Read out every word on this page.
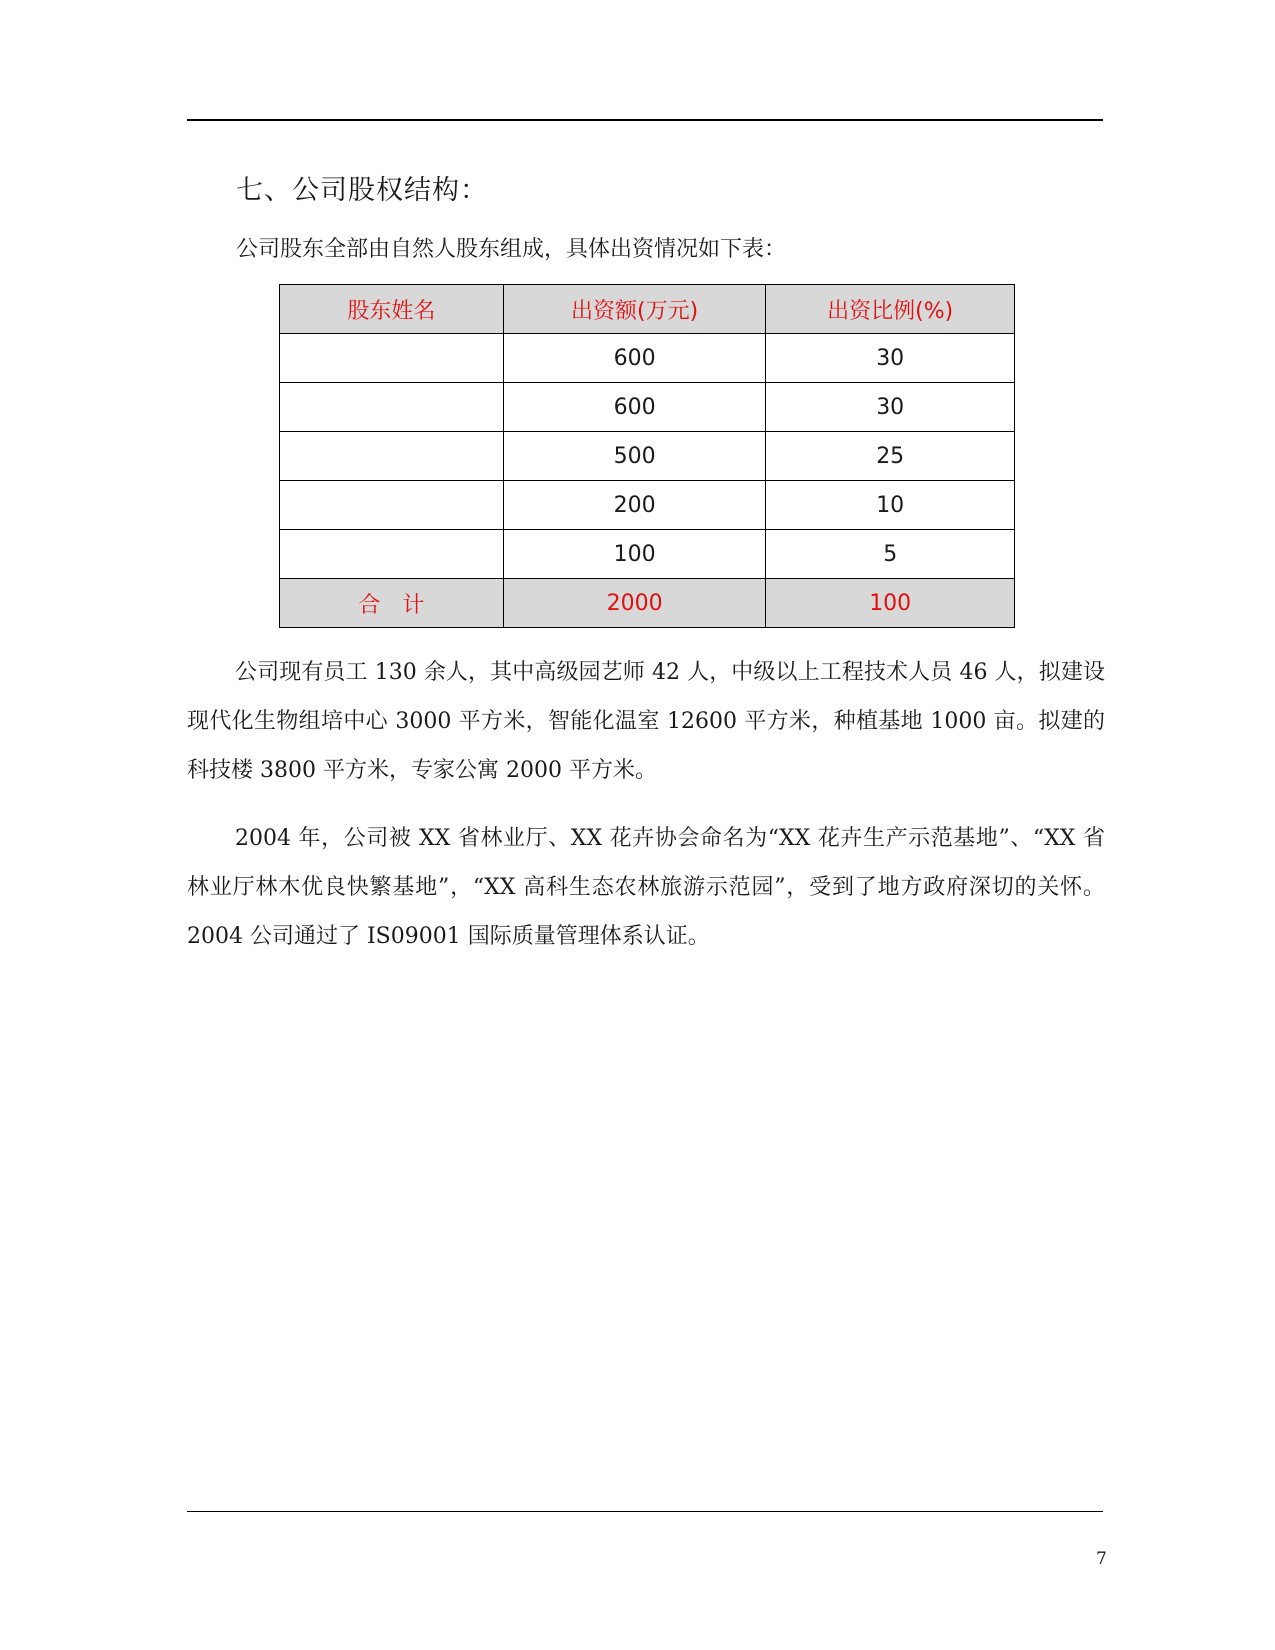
七、公司股权结构：

公司股东全部由自然人股东组成，具体出资情况如下表：

股东姓名	出资额(万元)	出资比例(%)
	600	30
	600	30
	500	25
	200	10
	100	5
合　计	2000	100

公司现有员工 130 余人，其中高级园艺师 42 人，中级以上工程技术人员 46 人，拟建设现代化生物组培中心 3000 平方米，智能化温室 12600 平方米，种植基地 1000 亩。拟建的科技楼 3800 平方米，专家公寓 2000 平方米。

2004 年，公司被 XX 省林业厅、XX 花卉协会命名为“XX 花卉生产示范基地”、“XX 省林业厅林木优良快繁基地”，“XX 高科生态农林旅游示范园”，受到了地方政府深切的关怀。2004 公司通过了 IS09001 国际质量管理体系认证。

7
